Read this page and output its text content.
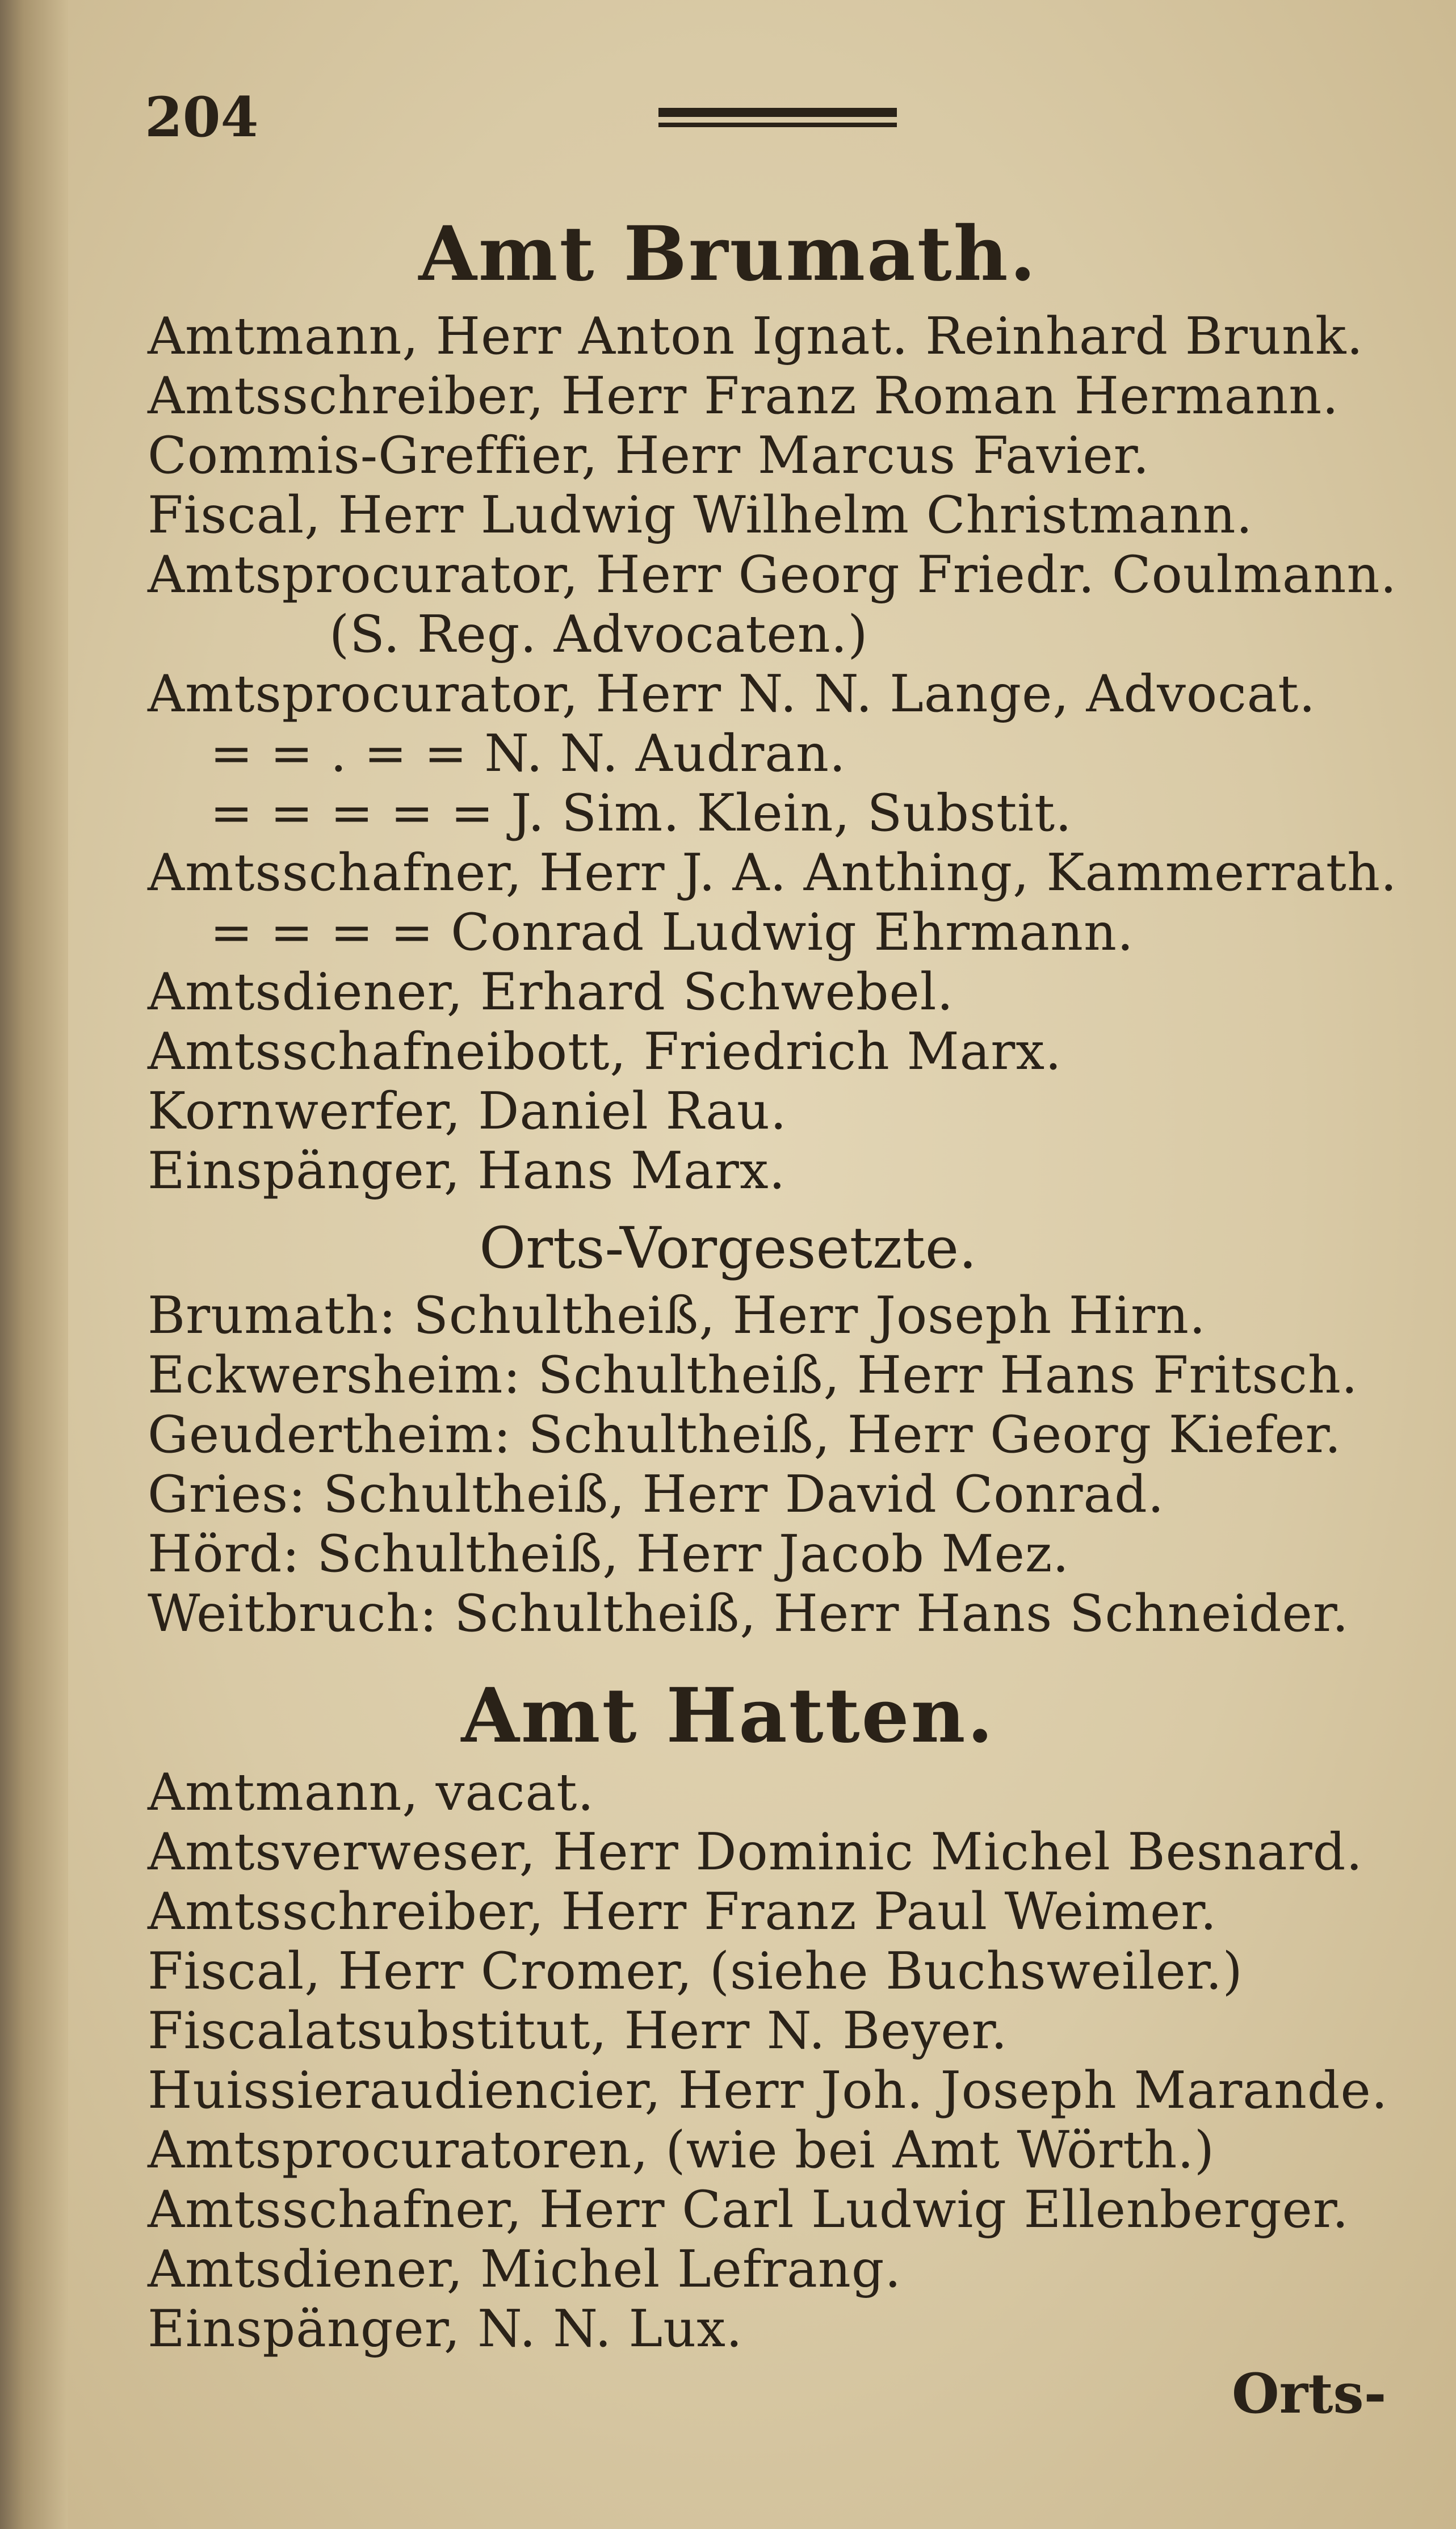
204
Amt Brumath.
Amtmann, Herr Anton Ignat. Reinhard Brunk.
Amtsschreiber, Herr Franz Roman Hermann.
Commis-Greffier, Herr Marcus Favier.
Fiscal, Herr Ludwig Wilhelm Christmann.
Amtsprocurator, Herr Georg Friedr. Coulmann.
(S. Reg. Advocaten.)
Amtsprocurator, Herr N. N. Lange, Advocat.
= = . = = N. N. Audran.
= = = = = J. Sim. Klein, Substit.
Amtsschafner, Herr J. A. Anthing, Kammerrath.
= = = = Conrad Ludwig Ehrmann.
Amtsdiener, Erhard Schwebel.
Amtsschafneibott, Friedrich Marx.
Kornwerfer, Daniel Rau.
Einspänger, Hans Marx.
Orts-Vorgesetzte.
Brumath: Schultheiß, Herr Joseph Hirn.
Eckwersheim: Schultheiß, Herr Hans Fritsch.
Geudertheim: Schultheiß, Herr Georg Kiefer.
Gries: Schultheiß, Herr David Conrad.
Hörd: Schultheiß, Herr Jacob Mez.
Weitbruch: Schultheiß, Herr Hans Schneider.
Amt Hatten.
Amtmann, vacat.
Amtsverweser, Herr Dominic Michel Besnard.
Amtsschreiber, Herr Franz Paul Weimer.
Fiscal, Herr Cromer, (siehe Buchsweiler.)
Fiscalatsubstitut, Herr N. Beyer.
Huissieraudiencier, Herr Joh. Joseph Marande.
Amtsprocuratoren, (wie bei Amt Wörth.)
Amtsschafner, Herr Carl Ludwig Ellenberger.
Amtsdiener, Michel Lefrang.
Einspänger, N. N. Lux.
Orts-
